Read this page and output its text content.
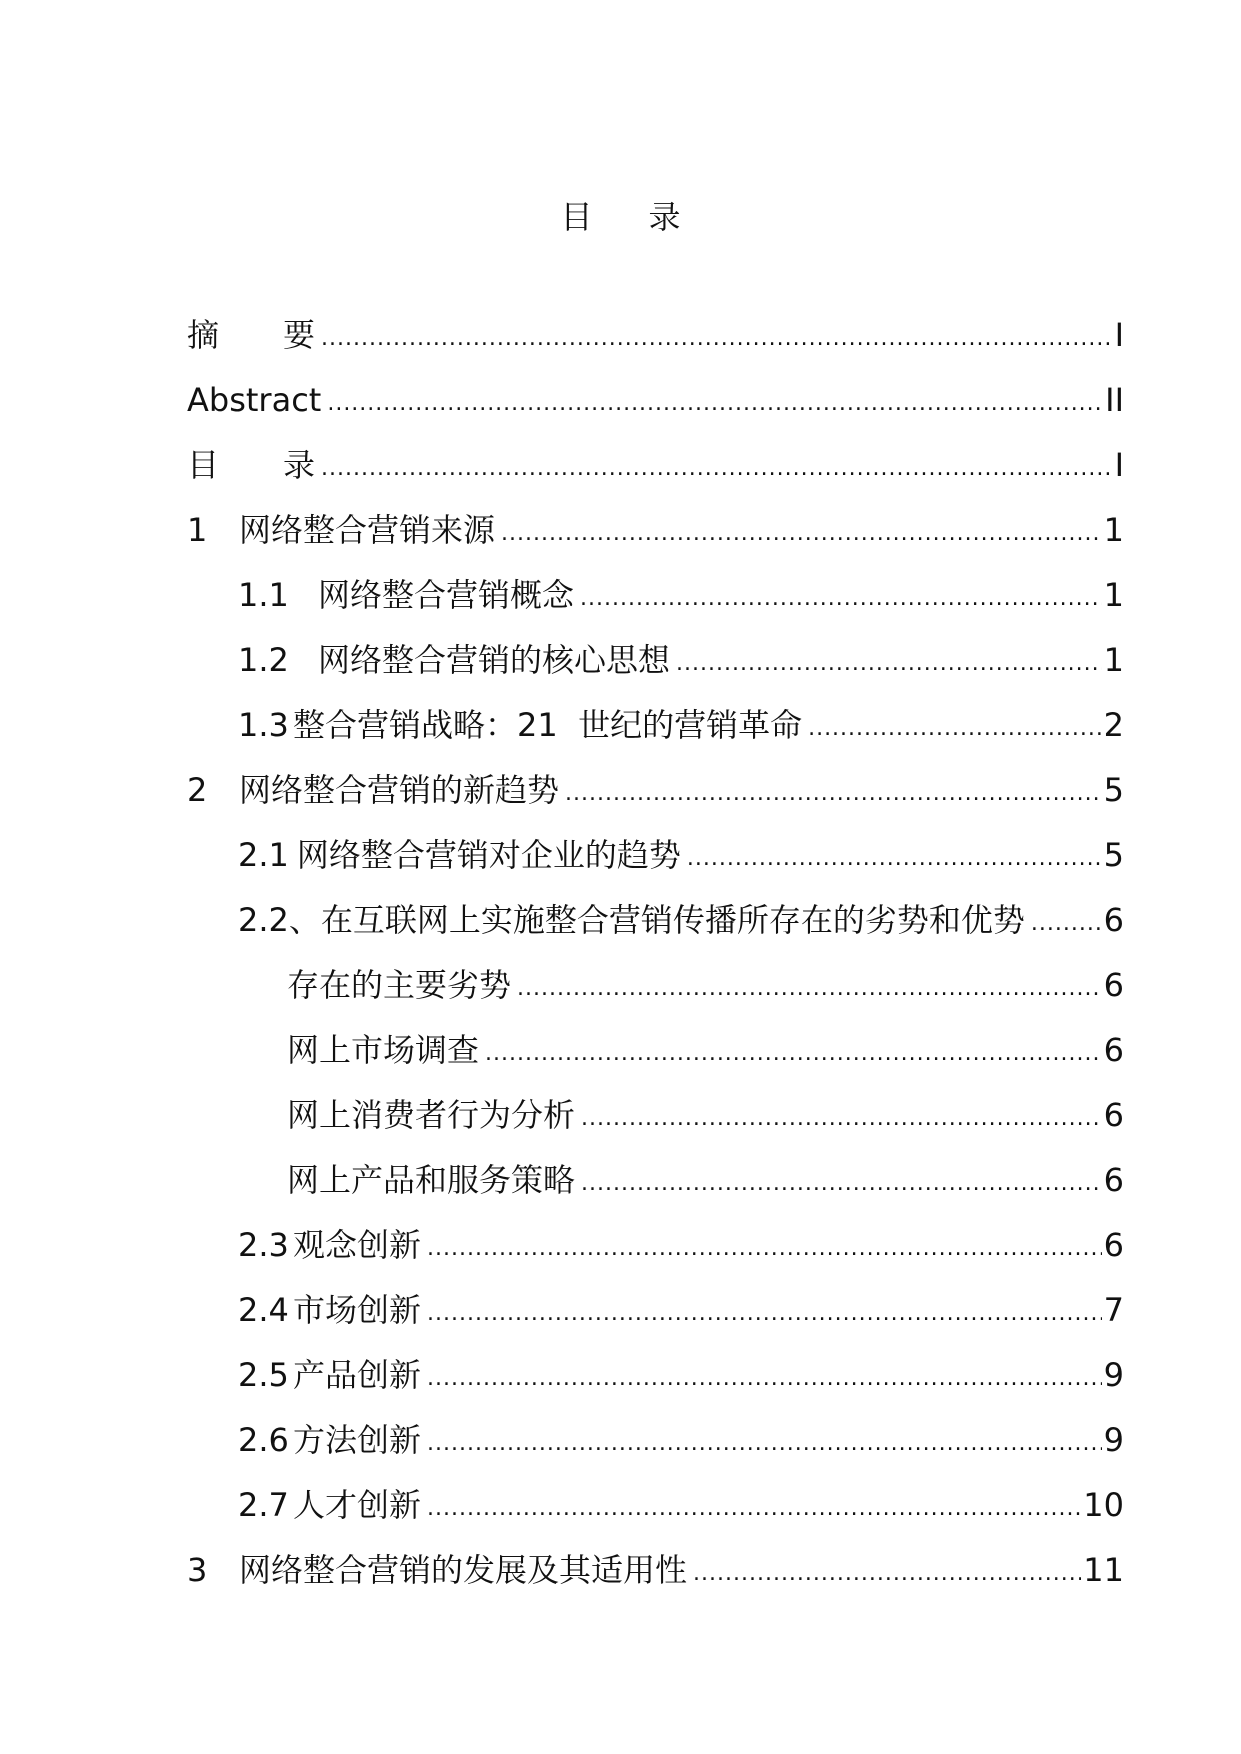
目 录
摘 要 .....	I
Abstract .....	II
目 录 .....	I
1 网络整合营销来源 .....	1
1.1 网络整合营销概念 .....	1
1.2 网络整合营销的核心思想 .....	1
1.3 整合营销战略：21  世纪的营销革命 .....	2
2 网络整合营销的新趋势 .....	5
2.1 网络整合营销对企业的趋势 .....	5
2.2、在互联网上实施整合营销传播所存在的劣势和优势 ..... 6
存在的主要劣势 .....	6
网上市场调查 .....	6
网上消费者行为分析 .....	6
网上产品和服务策略 .....	6
2.3 观念创新 .....	6
2.4 市场创新 .....	7
2.5 产品创新 .....	9
2.6 方法创新 .....	9
2.7 人才创新 .....	10
3 网络整合营销的发展及其适用性 .....	11
